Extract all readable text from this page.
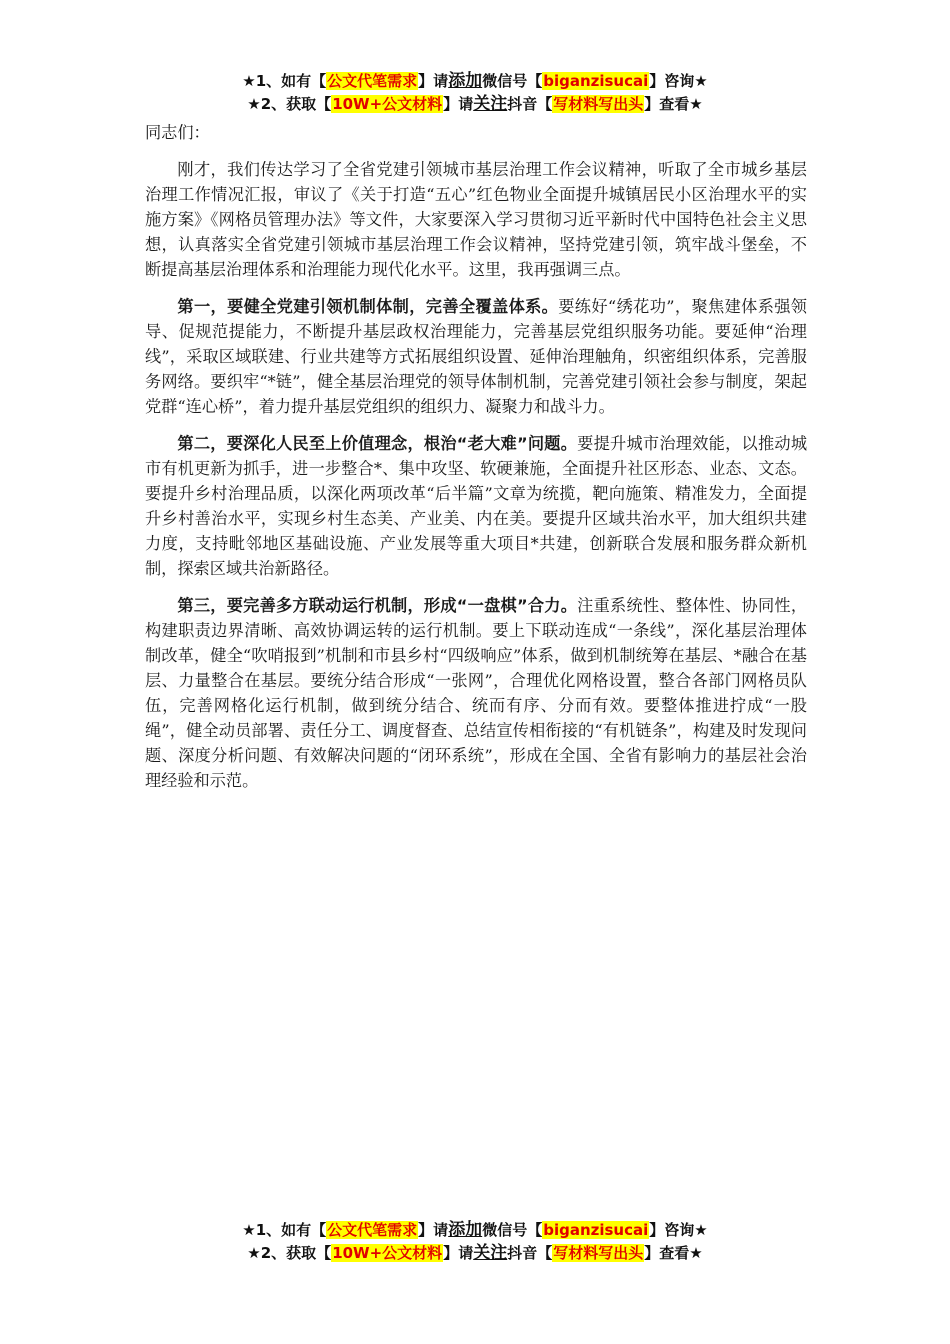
★1、如有【公文代笔需求】请添加微信号【biganzisucai】咨询★
★2、获取【10W+公文材料】请关注抖音【写材料写出头】查看★

同志们：

刚才，我们传达学习了全省党建引领城市基层治理工作会议精神，听取了全市城乡基层治理工作情况汇报，审议了《关于打造“五心”红色物业全面提升城镇居民小区治理水平的实施方案》《网格员管理办法》等文件，大家要深入学习贯彻习近平新时代中国特色社会主义思想，认真落实全省党建引领城市基层治理工作会议精神，坚持党建引领，筑牢战斗堡垒，不断提高基层治理体系和治理能力现代化水平。这里，我再强调三点。

第一，要健全党建引领机制体制，完善全覆盖体系。要练好“绣花功”，聚焦建体系强领导、促规范提能力，不断提升基层政权治理能力，完善基层党组织服务功能。要延伸“治理线”，采取区域联建、行业共建等方式拓展组织设置、延伸治理触角，织密组织体系，完善服务网络。要织牢“*链”，健全基层治理党的领导体制机制，完善党建引领社会参与制度，架起党群“连心桥”，着力提升基层党组织的组织力、凝聚力和战斗力。

第二，要深化人民至上价值理念，根治“老大难”问题。要提升城市治理效能，以推动城市有机更新为抓手，进一步整合*、集中攻坚、软硬兼施，全面提升社区形态、业态、文态。要提升乡村治理品质，以深化两项改革“后半篇”文章为统揽，靶向施策、精准发力，全面提升乡村善治水平，实现乡村生态美、产业美、内在美。要提升区域共治水平，加大组织共建力度，支持毗邻地区基础设施、产业发展等重大项目*共建，创新联合发展和服务群众新机制，探索区域共治新路径。

第三，要完善多方联动运行机制，形成“一盘棋”合力。注重系统性、整体性、协同性，构建职责边界清晰、高效协调运转的运行机制。要上下联动连成“一条线”，深化基层治理体制改革，健全“吹哨报到”机制和市县乡村“四级响应”体系，做到机制统筹在基层、*融合在基层、力量整合在基层。要统分结合形成“一张网”，合理优化网格设置，整合各部门网格员队伍，完善网格化运行机制，做到统分结合、统而有序、分而有效。要整体推进拧成“一股绳”，健全动员部署、责任分工、调度督查、总结宣传相衔接的“有机链条”，构建及时发现问题、深度分析问题、有效解决问题的“闭环系统”，形成在全国、全省有影响力的基层社会治理经验和示范。

★1、如有【公文代笔需求】请添加微信号【biganzisucai】咨询★
★2、获取【10W+公文材料】请关注抖音【写材料写出头】查看★
